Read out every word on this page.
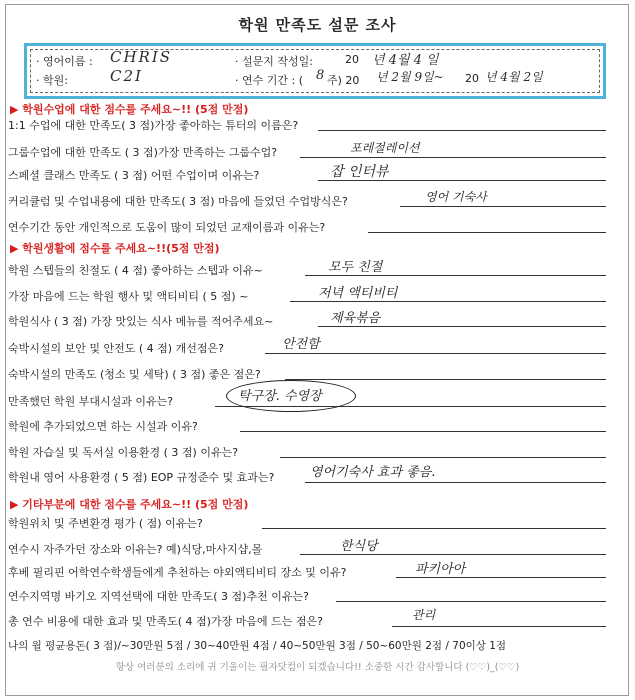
학원 만족도 설문 조사
· 영어이름 : CHRIS
· 학원:	C2I
· 설문지 작성일:	20 년 4월 4 일
· 연수 기간 : ( 8 주) 20 년 2월 9일~ 20 년 4월 2일
▶ 학원수업에 대한 점수를 주세요~!! (5점 만점)
▶ 학원생활에 점수를 주세요~!!(5점 만점)
▶ 기타부분에 대한 점수를 주세요~!! (5점 만점)
1:1 수업에 대한 만족도( 3 점)가장 좋아하는 튜터의 이름은?
그룹수업에 대한 만족도 ( 3 점)가장 만족하는 그룹수업?	포레절레이션
스페셜 클래스 만족도 ( 3 점) 어떤 수업이며 이유는?	잡 인터뷰
커리큘럼 및 수업내용에 대한 만족도( 3 점) 마음에 들었던 수업방식은?	영어 기숙사
연수기간 동안 개인적으로 도움이 많이 되었던 교재이름과 이유는?
학원 스텝들의 친절도 ( 4 점) 좋아하는 스텝과 이유~	모두 친절
가장 마음에 드는 학원 행사 및 액티비티 ( 5 점) ~	저녁 액티비티
학원식사 ( 3 점) 가장 맛있는 식사 메뉴를 적어주세요~	제육볶음
숙박시설의 보안 및 안전도 ( 4 점) 개선점은?	안전함
숙박시설의 만족도 (청소 및 세탁) ( 3 점) 좋은 점은?
만족했던 학원 부대시설과 이유는?	탁구장. 수영장
학원에 추가되었으면 하는 시설과 이유?
학원 자습실 및 독서실 이용환경 ( 3 점) 이유는?
학원내 영어 사용환경 ( 5 점) EOP 규정준수 및 효과는?	영어기숙사 효과 좋음.
학원위치 및 주변환경 평가 ( 점) 이유는?
연수시 자주가던 장소와 이유는? 예)식당,마사지샵,몰	한식당
후베 필리핀 어학연수학생들에게 추천하는 야외액티비티 장소 및 이유?	파키아아
연수지역명 바기오 지역선택에 대한 만족도( 3 점)추천 이유는?
총 연수 비용에 대한 효과 및 만족도( 4 점)가장 마음에 드는 점은?	관리
나의 월 평균용돈( 3 점)/~30만원 5점 / 30~40만원 4점 / 40~50만원 3점 / 50~60만원 2점 / 70이상 1점
항상 여러분의 소리에 귀 기울이는 필자닷컴이 되겠습니다!! 소중한 시간 감사합니다 (♡♡)_(♡♡)
